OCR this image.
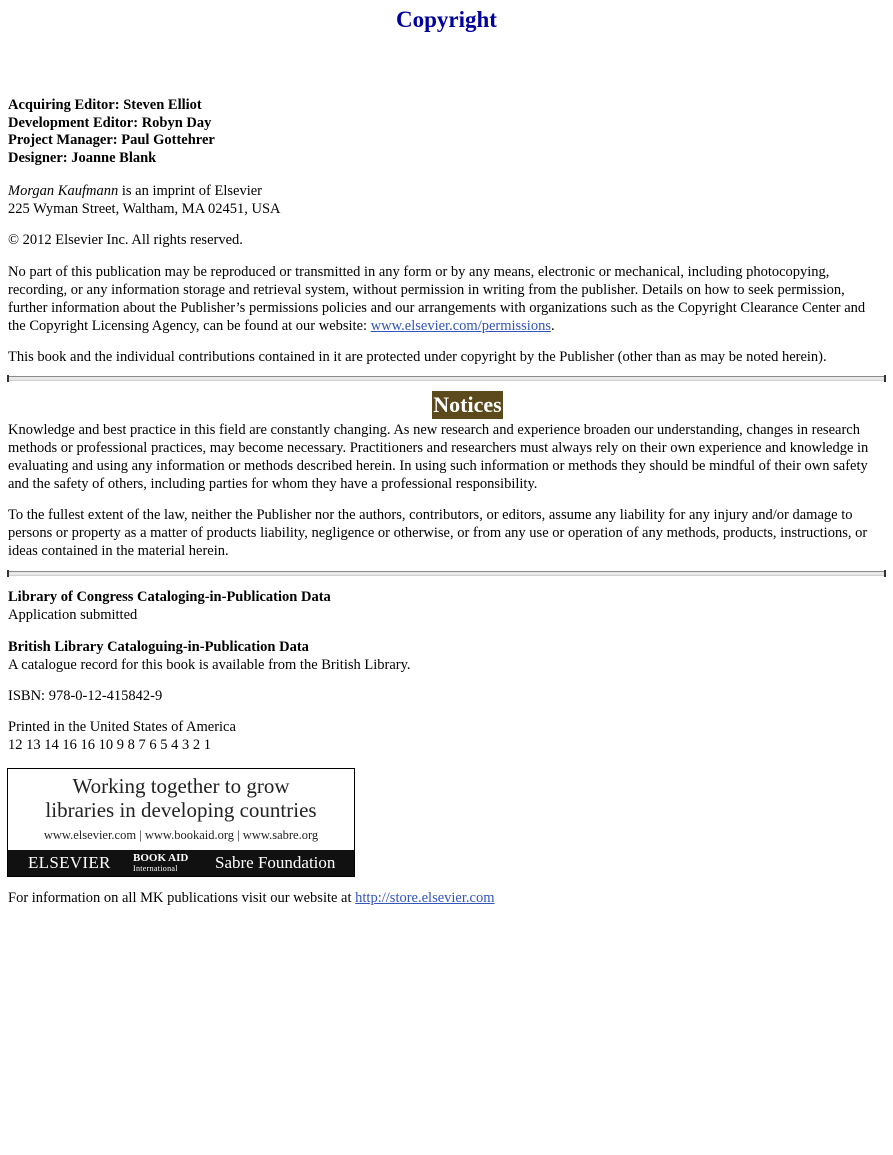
Copyright
Acquiring Editor: Steven Elliot
Development Editor: Robyn Day
Project Manager: Paul Gottehrer
Designer: Joanne Blank
Morgan Kaufmann is an imprint of Elsevier
225 Wyman Street, Waltham, MA 02451, USA
© 2012 Elsevier Inc. All rights reserved.
No part of this publication may be reproduced or transmitted in any form or by any means, electronic or mechanical, including photocopying, recording, or any information storage and retrieval system, without permission in writing from the publisher. Details on how to seek permission, further information about the Publisher’s permissions policies and our arrangements with organizations such as the Copyright Clearance Center and the Copyright Licensing Agency, can be found at our website: www.elsevier.com/permissions.
This book and the individual contributions contained in it are protected under copyright by the Publisher (other than as may be noted herein).
Notices
Knowledge and best practice in this field are constantly changing. As new research and experience broaden our understanding, changes in research methods or professional practices, may become necessary. Practitioners and researchers must always rely on their own experience and knowledge in evaluating and using any information or methods described herein. In using such information or methods they should be mindful of their own safety and the safety of others, including parties for whom they have a professional responsibility.
To the fullest extent of the law, neither the Publisher nor the authors, contributors, or editors, assume any liability for any injury and/or damage to persons or property as a matter of products liability, negligence or otherwise, or from any use or operation of any methods, products, instructions, or ideas contained in the material herein.
Library of Congress Cataloging-in-Publication Data
Application submitted
British Library Cataloguing-in-Publication Data
A catalogue record for this book is available from the British Library.
ISBN: 978-0-12-415842-9
Printed in the United States of America
12 13 14 16 16 10 9 8 7 6 5 4 3 2 1
Working together to grow
libraries in developing countries
www.elsevier.com | www.bookaid.org | www.sabre.org
ELSEVIER BOOK AID
International Sabre Foundation
For information on all MK publications visit our website at http://store.elsevier.com
